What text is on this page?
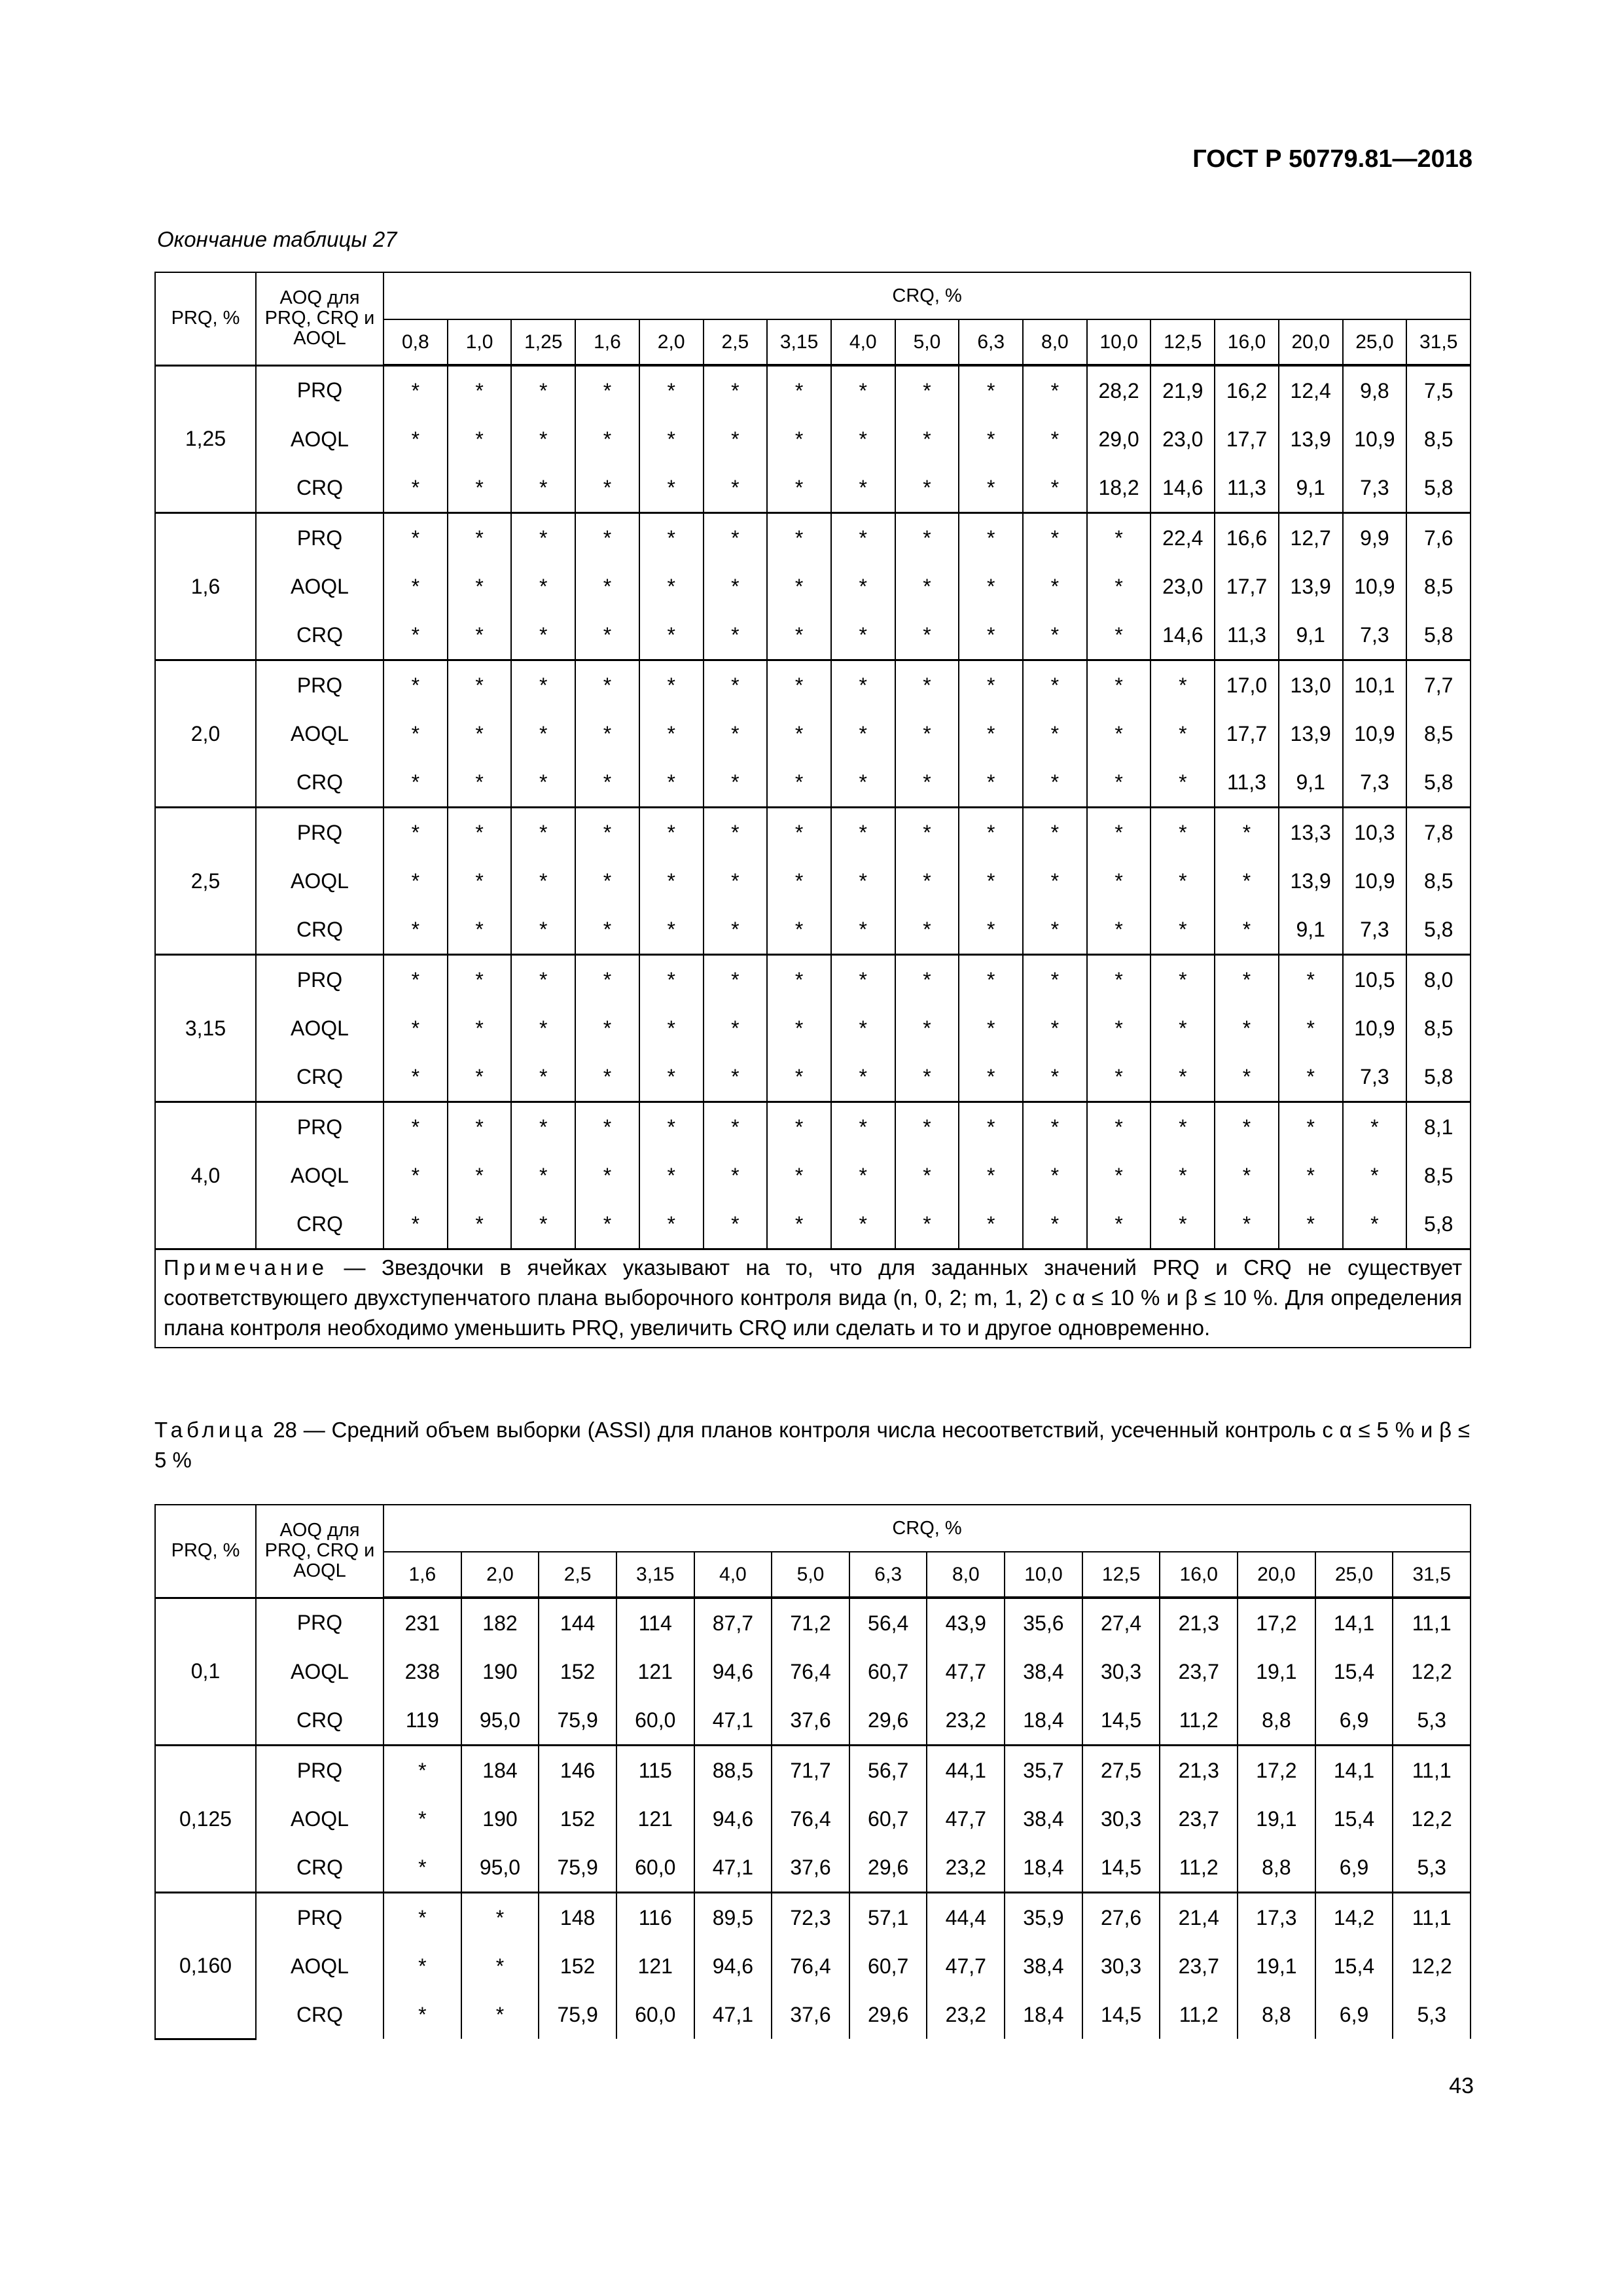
ГОСТ Р 50779.81—2018
Окончание таблицы 27
PRQ, %	AOQ для PRQ, CRQ и AOQL	CRQ, %																
		0,8	1,0	1,25	1,6	2,0	2,5	3,15	4,0	5,0	6,3	8,0	10,0	12,5	16,0	20,0	25,0	31,5
1,25	PRQ	*	*	*	*	*	*	*	*	*	*	*	28,2	21,9	16,2	12,4	9,8	7,5
	AOQL	*	*	*	*	*	*	*	*	*	*	*	29,0	23,0	17,7	13,9	10,9	8,5
	CRQ	*	*	*	*	*	*	*	*	*	*	*	18,2	14,6	11,3	9,1	7,3	5,8
1,6	PRQ	*	*	*	*	*	*	*	*	*	*	*	*	22,4	16,6	12,7	9,9	7,6
	AOQL	*	*	*	*	*	*	*	*	*	*	*	*	23,0	17,7	13,9	10,9	8,5
	CRQ	*	*	*	*	*	*	*	*	*	*	*	*	14,6	11,3	9,1	7,3	5,8
2,0	PRQ	*	*	*	*	*	*	*	*	*	*	*	*	*	17,0	13,0	10,1	7,7
	AOQL	*	*	*	*	*	*	*	*	*	*	*	*	*	17,7	13,9	10,9	8,5
	CRQ	*	*	*	*	*	*	*	*	*	*	*	*	*	11,3	9,1	7,3	5,8
2,5	PRQ	*	*	*	*	*	*	*	*	*	*	*	*	*	*	13,3	10,3	7,8
	AOQL	*	*	*	*	*	*	*	*	*	*	*	*	*	*	13,9	10,9	8,5
	CRQ	*	*	*	*	*	*	*	*	*	*	*	*	*	*	9,1	7,3	5,8
3,15	PRQ	*	*	*	*	*	*	*	*	*	*	*	*	*	*	*	10,5	8,0
	AOQL	*	*	*	*	*	*	*	*	*	*	*	*	*	*	*	10,9	8,5
	CRQ	*	*	*	*	*	*	*	*	*	*	*	*	*	*	*	7,3	5,8
4,0	PRQ	*	*	*	*	*	*	*	*	*	*	*	*	*	*	*	*	8,1
	AOQL	*	*	*	*	*	*	*	*	*	*	*	*	*	*	*	*	8,5
	CRQ	*	*	*	*	*	*	*	*	*	*	*	*	*	*	*	*	5,8
Примечание — Звездочки в ячейках указывают на то, что для заданных значений PRQ и CRQ не существует соответствующего двухступенчатого плана выборочного контроля вида (n, 0, 2; m, 1, 2) с α ≤ 10 % и β ≤ 10 %. Для определения плана контроля необходимо уменьшить PRQ, увеличить CRQ или сделать и то и другое одновременно.																		
Таблица 28 — Средний объем выборки (ASSI) для планов контроля числа несоответствий, усеченный контроль с α ≤ 5 % и β ≤ 5 %
PRQ, %	AOQ для PRQ, CRQ и AOQL	CRQ, %													
		1,6	2,0	2,5	3,15	4,0	5,0	6,3	8,0	10,0	12,5	16,0	20,0	25,0	31,5
0,1	PRQ	231	182	144	114	87,7	71,2	56,4	43,9	35,6	27,4	21,3	17,2	14,1	11,1
	AOQL	238	190	152	121	94,6	76,4	60,7	47,7	38,4	30,3	23,7	19,1	15,4	12,2
	CRQ	119	95,0	75,9	60,0	47,1	37,6	29,6	23,2	18,4	14,5	11,2	8,8	6,9	5,3
0,125	PRQ	*	184	146	115	88,5	71,7	56,7	44,1	35,7	27,5	21,3	17,2	14,1	11,1
	AOQL	*	190	152	121	94,6	76,4	60,7	47,7	38,4	30,3	23,7	19,1	15,4	12,2
	CRQ	*	95,0	75,9	60,0	47,1	37,6	29,6	23,2	18,4	14,5	11,2	8,8	6,9	5,3
0,160	PRQ	*	*	148	116	89,5	72,3	57,1	44,4	35,9	27,6	21,4	17,3	14,2	11,1
	AOQL	*	*	152	121	94,6	76,4	60,7	47,7	38,4	30,3	23,7	19,1	15,4	12,2
	CRQ	*	*	75,9	60,0	47,1	37,6	29,6	23,2	18,4	14,5	11,2	8,8	6,9	5,3
43
